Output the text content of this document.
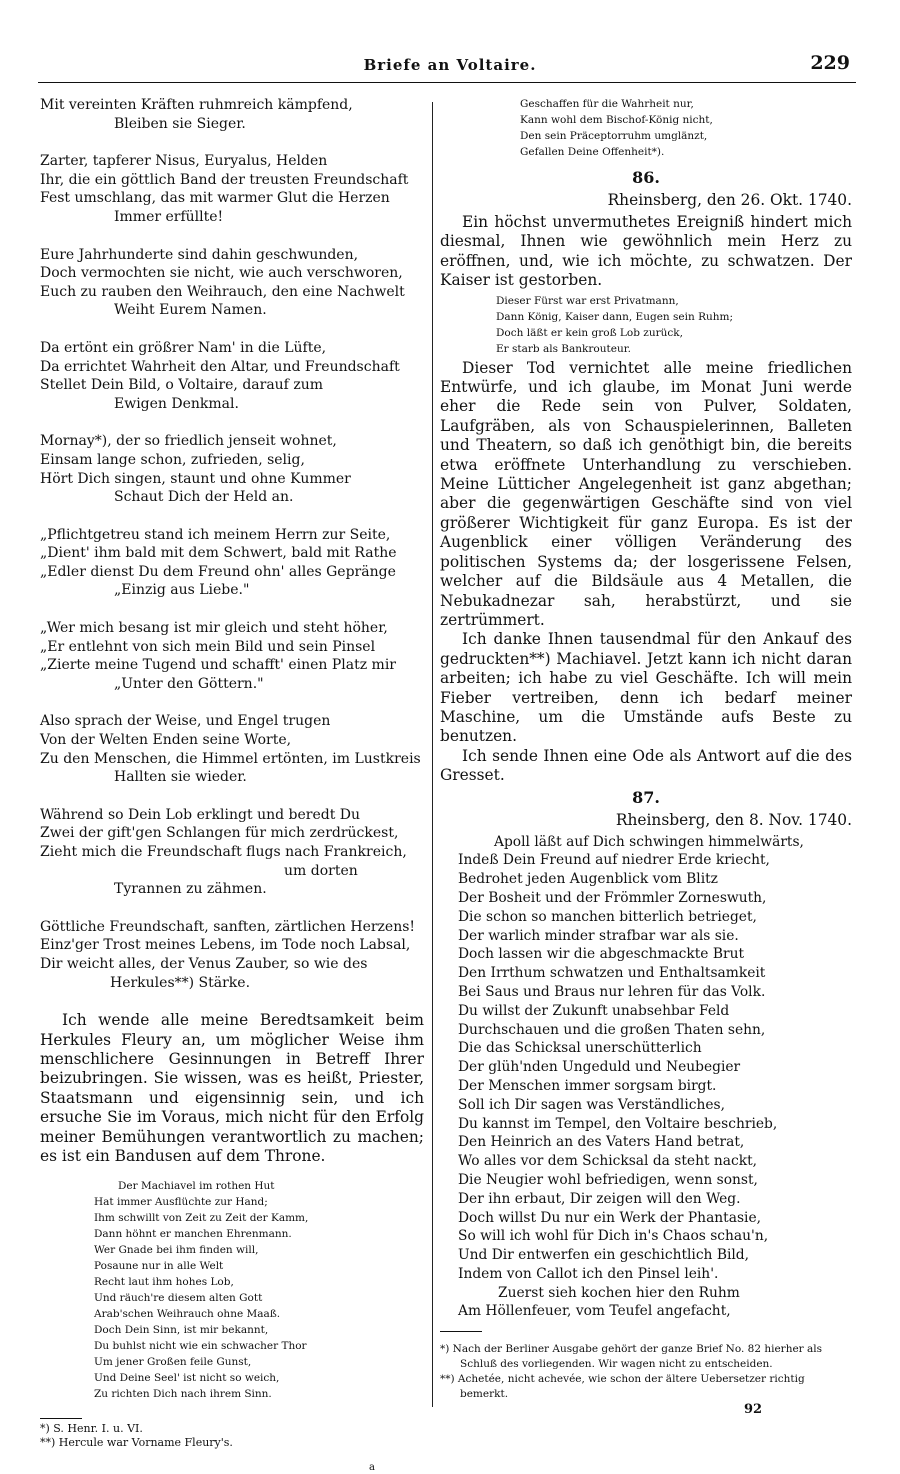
Briefe an Voltaire.	229
Mit vereinten Kräften ruhmreich kämpfend,
Bleiben sie Sieger.
Zarter, tapferer Nisus, Euryalus, Helden
Ihr, die ein göttlich Band der treusten Freundschaft
Fest umschlang, das mit warmer Glut die Herzen
Immer erfüllte!
Eure Jahrhunderte sind dahin geschwunden,
Doch vermochten sie nicht, wie auch verschworen,
Euch zu rauben den Weihrauch, den eine Nachwelt
Weiht Eurem Namen.
Da ertönt ein größrer Nam' in die Lüfte,
Da errichtet Wahrheit den Altar, und Freundschaft
Stellet Dein Bild, o Voltaire, darauf zum
Ewigen Denkmal.
Mornay*), der so friedlich jenseit wohnet,
Einsam lange schon, zufrieden, selig,
Hört Dich singen, staunt und ohne Kummer
Schaut Dich der Held an.
„Pflichtgetreu stand ich meinem Herrn zur Seite,
„Dient' ihm bald mit dem Schwert, bald mit Rathe
„Edler dienst Du dem Freund ohn' alles Gepränge
„Einzig aus Liebe."
„Wer mich besang ist mir gleich und steht höher,
„Er entlehnt von sich mein Bild und sein Pinsel
„Zierte meine Tugend und schafft' einen Platz mir
„Unter den Göttern."
Also sprach der Weise, und Engel trugen
Von der Welten Enden seine Worte,
Zu den Menschen, die Himmel ertönten, im Lustkreis
Hallten sie wieder.
Während so Dein Lob erklingt und beredt Du
Zwei der gift'gen Schlangen für mich zerdrückest,
Zieht mich die Freundschaft flugs nach Frankreich,
um dorten
Tyrannen zu zähmen.
Göttliche Freundschaft, sanften, zärtlichen Herzens!
Einz'ger Trost meines Lebens, im Tode noch Labsal,
Dir weicht alles, der Venus Zauber, so wie des
Herkules**) Stärke.

Ich wende alle meine Beredtsamkeit beim Herkules Fleury an, um möglicher Weise ihm menschlichere Gesinnungen in Betreff Ihrer beizubringen. Sie wissen, was es heißt, Priester, Staatsmann und eigensinnig sein, und ich ersuche Sie im Voraus, mich nicht für den Erfolg meiner Bemühungen verantwortlich zu machen; es ist ein Bandusen auf dem Throne.

Der Machiavel im rothen Hut
Hat immer Ausflüchte zur Hand;
Ihm schwillt von Zeit zu Zeit der Kamm,
Dann höhnt er manchen Ehrenmann.
Wer Gnade bei ihm finden will,
Posaune nur in alle Welt
Recht laut ihm hohes Lob,
Und räuch're diesem alten Gott
Arab'schen Weihrauch ohne Maaß.
Doch Dein Sinn, ist mir bekannt,
Du buhlst nicht wie ein schwacher Thor
Um jener Großen feile Gunst,
Und Deine Seel' ist nicht so weich,
Zu richten Dich nach ihrem Sinn.
*) S. Henr. I. u. VI.
**) Hercule war Vorname Fleury's.
Geschaffen für die Wahrheit nur,
Kann wohl dem Bischof-König nicht,
Den sein Präceptorruhm umglänzt,
Gefallen Deine Offenheit*).
86.
Rheinsberg, den 26. Okt. 1740.

Ein höchst unvermuthetes Ereigniß hindert mich diesmal, Ihnen wie gewöhnlich mein Herz zu eröffnen, und, wie ich möchte, zu schwatzen. Der Kaiser ist gestorben.

Dieser Fürst war erst Privatmann,
Dann König, Kaiser dann, Eugen sein Ruhm;
Doch läßt er kein groß Lob zurück,
Er starb als Bankrouteur.

Dieser Tod vernichtet alle meine friedlichen Entwürfe, und ich glaube, im Monat Juni werde eher die Rede sein von Pulver, Soldaten, Laufgräben, als von Schauspielerinnen, Balleten und Theatern, so daß ich genöthigt bin, die bereits etwa eröffnete Unterhandlung zu verschieben. Meine Lütticher Angelegenheit ist ganz abgethan; aber die gegenwärtigen Geschäfte sind von viel größerer Wichtigkeit für ganz Europa. Es ist der Augenblick einer völligen Veränderung des politischen Systems da; der losgerissene Felsen, welcher auf die Bildsäule aus 4 Metallen, die Nebukadnezar sah, herabstürzt, und sie zertrümmert.

Ich danke Ihnen tausendmal für den Ankauf des gedruckten**) Machiavel. Jetzt kann ich nicht daran arbeiten; ich habe zu viel Geschäfte. Ich will mein Fieber vertreiben, denn ich bedarf meiner Maschine, um die Umstände aufs Beste zu benutzen.

Ich sende Ihnen eine Ode als Antwort auf die des Gresset.

87.
Rheinsberg, den 8. Nov. 1740.
Apoll läßt auf Dich schwingen himmelwärts,
Indeß Dein Freund auf niedrer Erde kriecht,
Bedrohet jeden Augenblick vom Blitz
Der Bosheit und der Frömmler Zorneswuth,
Die schon so manchen bitterlich betrieget,
Der warlich minder strafbar war als sie.
Doch lassen wir die abgeschmackte Brut
Den Irrthum schwatzen und Enthaltsamkeit
Bei Saus und Braus nur lehren für das Volk.
Du willst der Zukunft unabsehbar Feld
Durchschauen und die großen Thaten sehn,
Die das Schicksal unerschütterlich
Der glüh'nden Ungeduld und Neubegier
Der Menschen immer sorgsam birgt.
Soll ich Dir sagen was Verständliches,
Du kannst im Tempel, den Voltaire beschrieb,
Den Heinrich an des Vaters Hand betrat,
Wo alles vor dem Schicksal da steht nackt,
Die Neugier wohl befriedigen, wenn sonst,
Der ihn erbaut, Dir zeigen will den Weg.
Doch willst Du nur ein Werk der Phantasie,
So will ich wohl für Dich in's Chaos schau'n,
Und Dir entwerfen ein geschichtlich Bild,
Indem von Callot ich den Pinsel leih'.
Zuerst sieh kochen hier den Ruhm
Am Höllenfeuer, vom Teufel angefacht,
*) Nach der Berliner Ausgabe gehört der ganze Brief No. 82 hierher als Schluß des vorliegenden. Wir wagen nicht zu entscheiden.
**) Achetée, nicht achevée, wie schon der ältere Uebersetzer richtig bemerkt.
92
a
